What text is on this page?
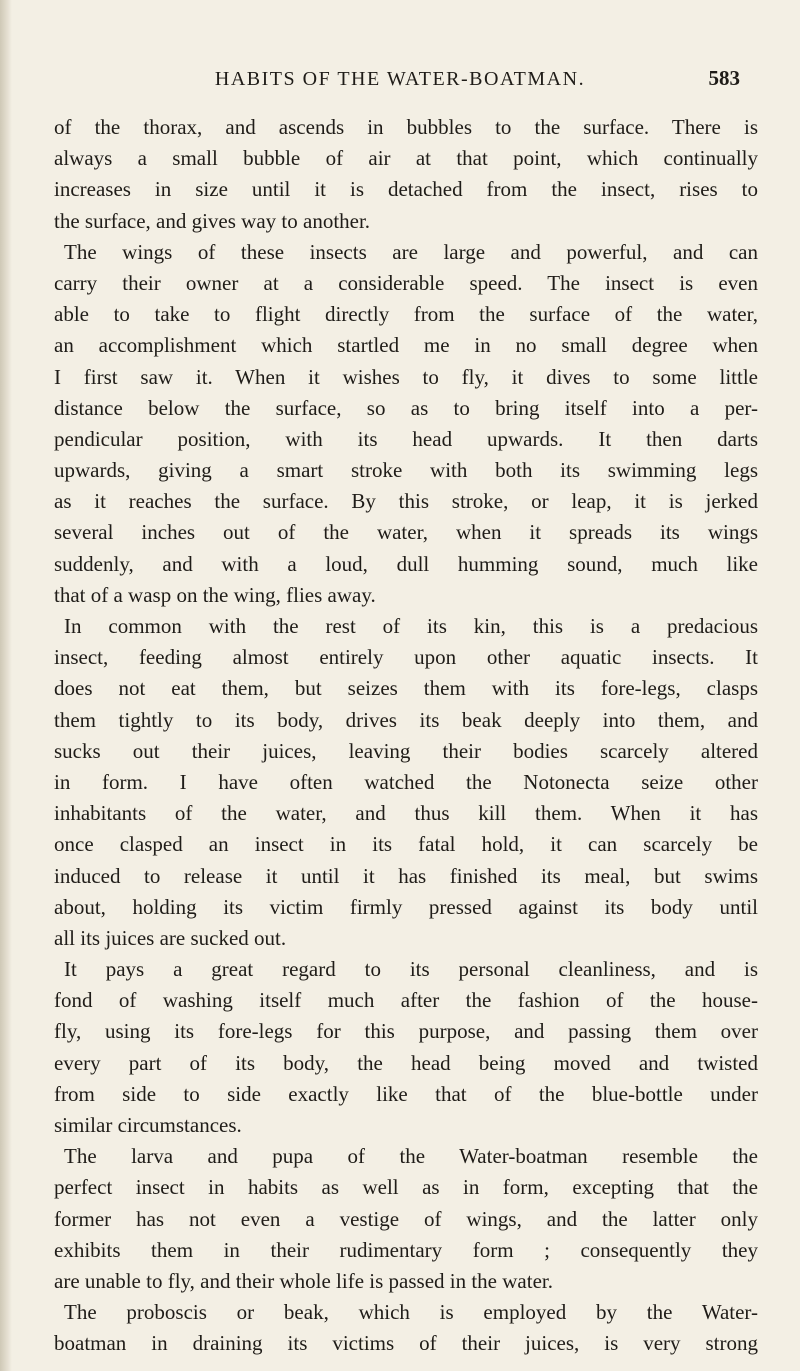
HABITS OF THE WATER-BOATMAN.	583
of the thorax, and ascends in bubbles to the surface. There is
always a small bubble of air at that point, which continually
increases in size until it is detached from the insect, rises to
the surface, and gives way to another.
The wings of these insects are large and powerful, and can
carry their owner at a considerable speed. The insect is even
able to take to flight directly from the surface of the water,
an accomplishment which startled me in no small degree when
I first saw it. When it wishes to fly, it dives to some little
distance below the surface, so as to bring itself into a per-
pendicular position, with its head upwards. It then darts
upwards, giving a smart stroke with both its swimming legs
as it reaches the surface. By this stroke, or leap, it is jerked
several inches out of the water, when it spreads its wings
suddenly, and with a loud, dull humming sound, much like
that of a wasp on the wing, flies away.
In common with the rest of its kin, this is a predacious
insect, feeding almost entirely upon other aquatic insects. It
does not eat them, but seizes them with its fore-legs, clasps
them tightly to its body, drives its beak deeply into them, and
sucks out their juices, leaving their bodies scarcely altered
in form. I have often watched the Notonecta seize other
inhabitants of the water, and thus kill them. When it has
once clasped an insect in its fatal hold, it can scarcely be
induced to release it until it has finished its meal, but swims
about, holding its victim firmly pressed against its body until
all its juices are sucked out.
It pays a great regard to its personal cleanliness, and is
fond of washing itself much after the fashion of the house-
fly, using its fore-legs for this purpose, and passing them over
every part of its body, the head being moved and twisted
from side to side exactly like that of the blue-bottle under
similar circumstances.
The larva and pupa of the Water-boatman resemble the
perfect insect in habits as well as in form, excepting that the
former has not even a vestige of wings, and the latter only
exhibits them in their rudimentary form ; consequently they
are unable to fly, and their whole life is passed in the water.
The proboscis or beak, which is employed by the Water-
boatman in draining its victims of their juices, is very strong
